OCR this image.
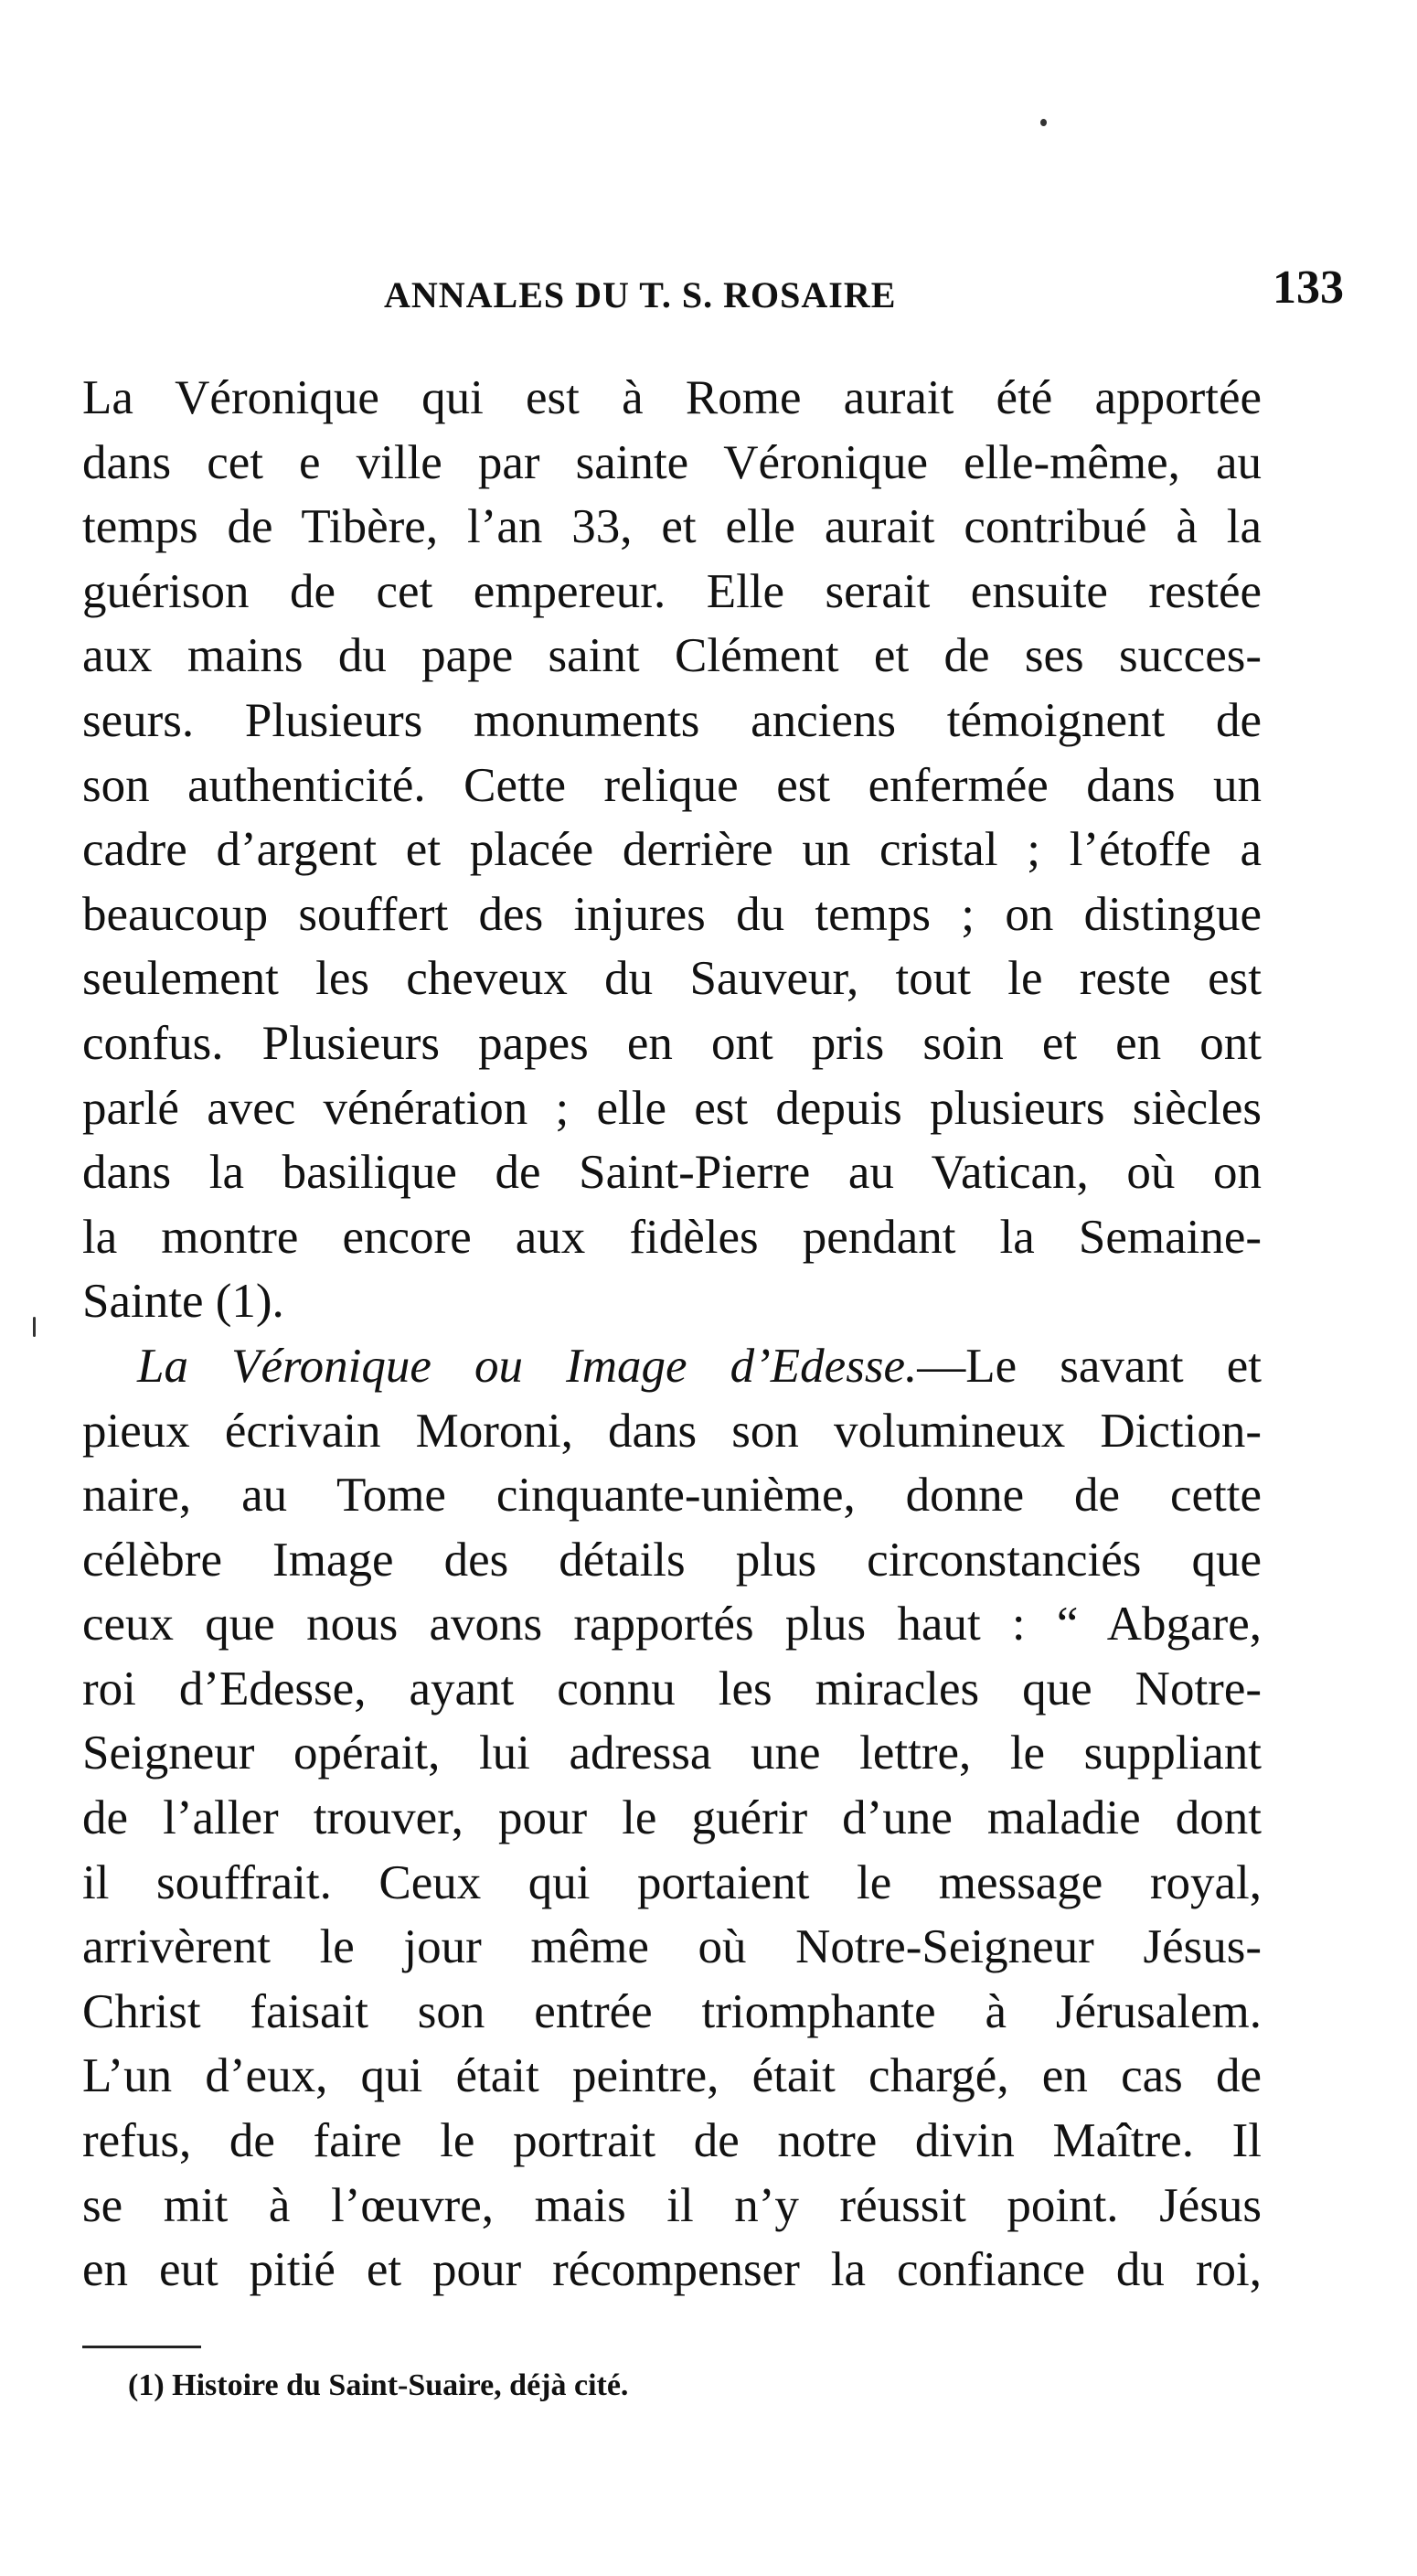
ANNALES DU T. S. ROSAIRE	133
La Véronique qui est à Rome aurait été apportée
dans cet e ville par sainte Véronique elle-même, au
temps de Tibère, l’an 33, et elle aurait contribué à la
guérison de cet empereur. Elle serait ensuite restée
aux mains du pape saint Clément et de ses succes-
seurs. Plusieurs monuments anciens témoignent de
son authenticité. Cette relique est enfermée dans un
cadre d’argent et placée derrière un cristal ; l’étoffe a
beaucoup souffert des injures du temps ; on distingue
seulement les cheveux du Sauveur, tout le reste est
confus. Plusieurs papes en ont pris soin et en ont
parlé avec vénération ; elle est depuis plusieurs siècles
dans la basilique de Saint-Pierre au Vatican, où on
la montre encore aux fidèles pendant la Semaine-
Sainte (1).
La Véronique ou Image d’Edesse.—Le savant et
pieux écrivain Moroni, dans son volumineux Diction-
naire, au Tome cinquante-unième, donne de cette
célèbre Image des détails plus circonstanciés que
ceux que nous avons rapportés plus haut : “ Abgare,
roi d’Edesse, ayant connu les miracles que Notre-
Seigneur opérait, lui adressa une lettre, le suppliant
de l’aller trouver, pour le guérir d’une maladie dont
il souffrait. Ceux qui portaient le message royal,
arrivèrent le jour même où Notre-Seigneur Jésus-
Christ faisait son entrée triomphante à Jérusalem.
L’un d’eux, qui était peintre, était chargé, en cas de
refus, de faire le portrait de notre divin Maître. Il
se mit à l’œuvre, mais il n’y réussit point. Jésus
en eut pitié et pour récompenser la confiance du roi,
(1) Histoire du Saint-Suaire, déjà cité.
